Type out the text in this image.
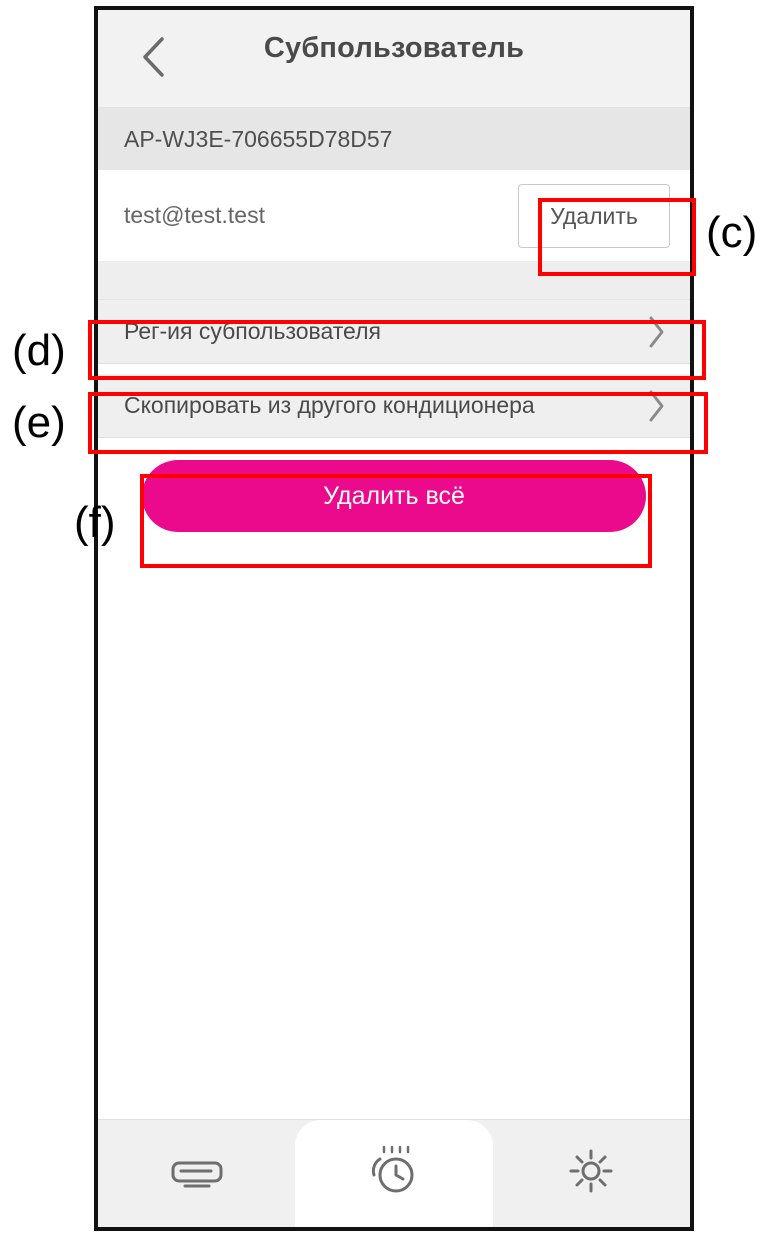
Субпользователь
AP-WJ3E-706655D78D57
test@test.test	Удалить
Рег-ия субпользователя
Скопировать из другого кондиционера
Удалить всё
(c)
(d)
(e)
(f)
